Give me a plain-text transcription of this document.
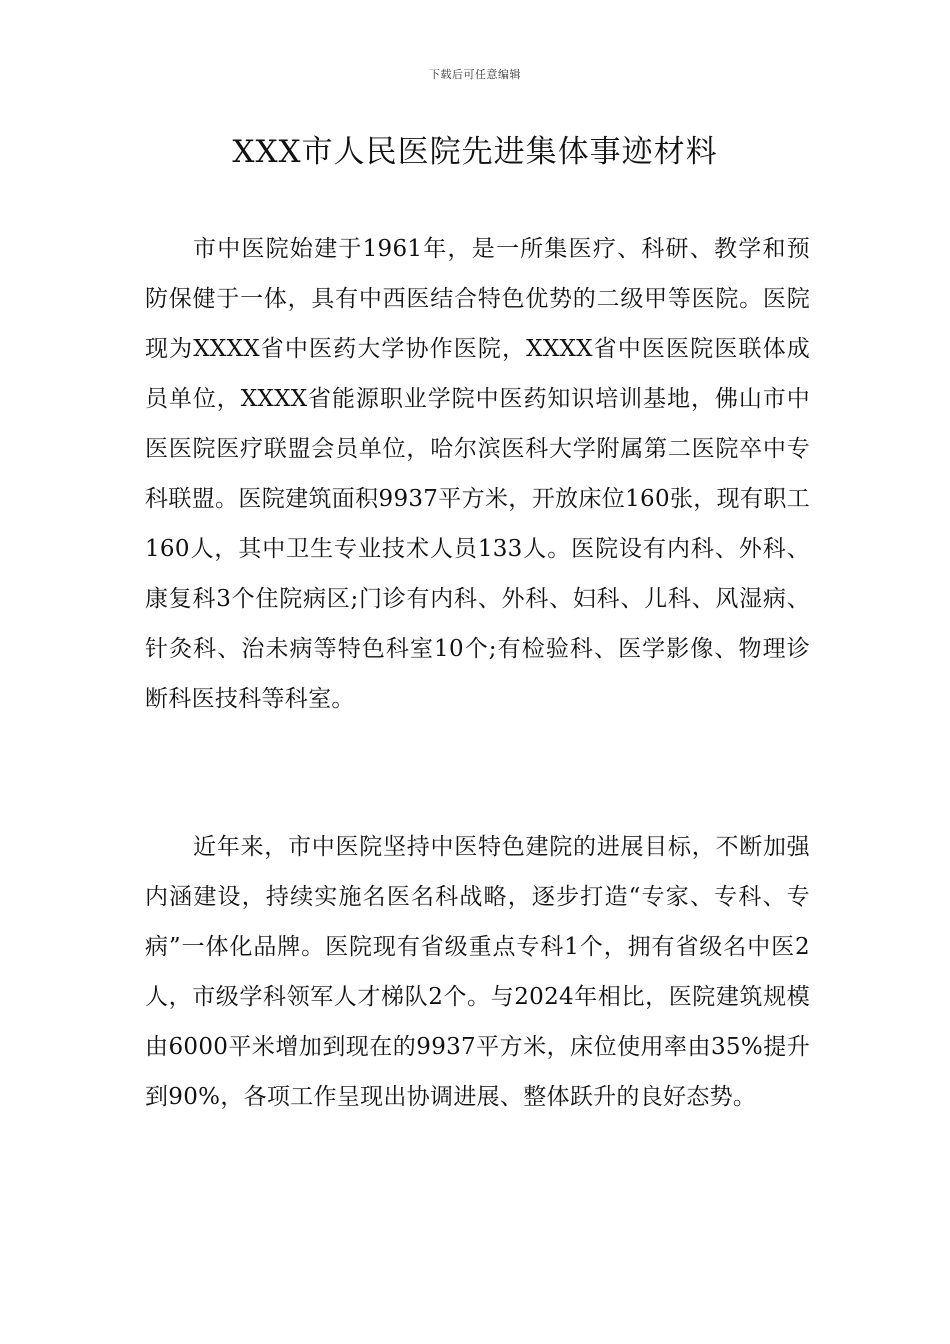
下载后可任意编辑
XXX市人民医院先进集体事迹材料

市中医院始建于1961年，是一所集医疗、科研、教学和预防保健于一体，具有中西医结合特色优势的二级甲等医院。医院现为XXXX省中医药大学协作医院，XXXX省中医医院医联体成员单位，XXXX省能源职业学院中医药知识培训基地，佛山市中医医院医疗联盟会员单位，哈尔滨医科大学附属第二医院卒中专科联盟。医院建筑面积9937平方米，开放床位160张，现有职工160人，其中卫生专业技术人员133人。医院设有内科、外科、康复科3个住院病区;门诊有内科、外科、妇科、儿科、风湿病、针灸科、治未病等特色科室10个;有检验科、医学影像、物理诊断科医技科等科室。

近年来，市中医院坚持中医特色建院的进展目标，不断加强内涵建设，持续实施名医名科战略，逐步打造“专家、专科、专病”一体化品牌。医院现有省级重点专科1个，拥有省级名中医2人，市级学科领军人才梯队2个。与2024年相比，医院建筑规模由6000平米增加到现在的9937平方米，床位使用率由35%提升到90%，各项工作呈现出协调进展、整体跃升的良好态势。
